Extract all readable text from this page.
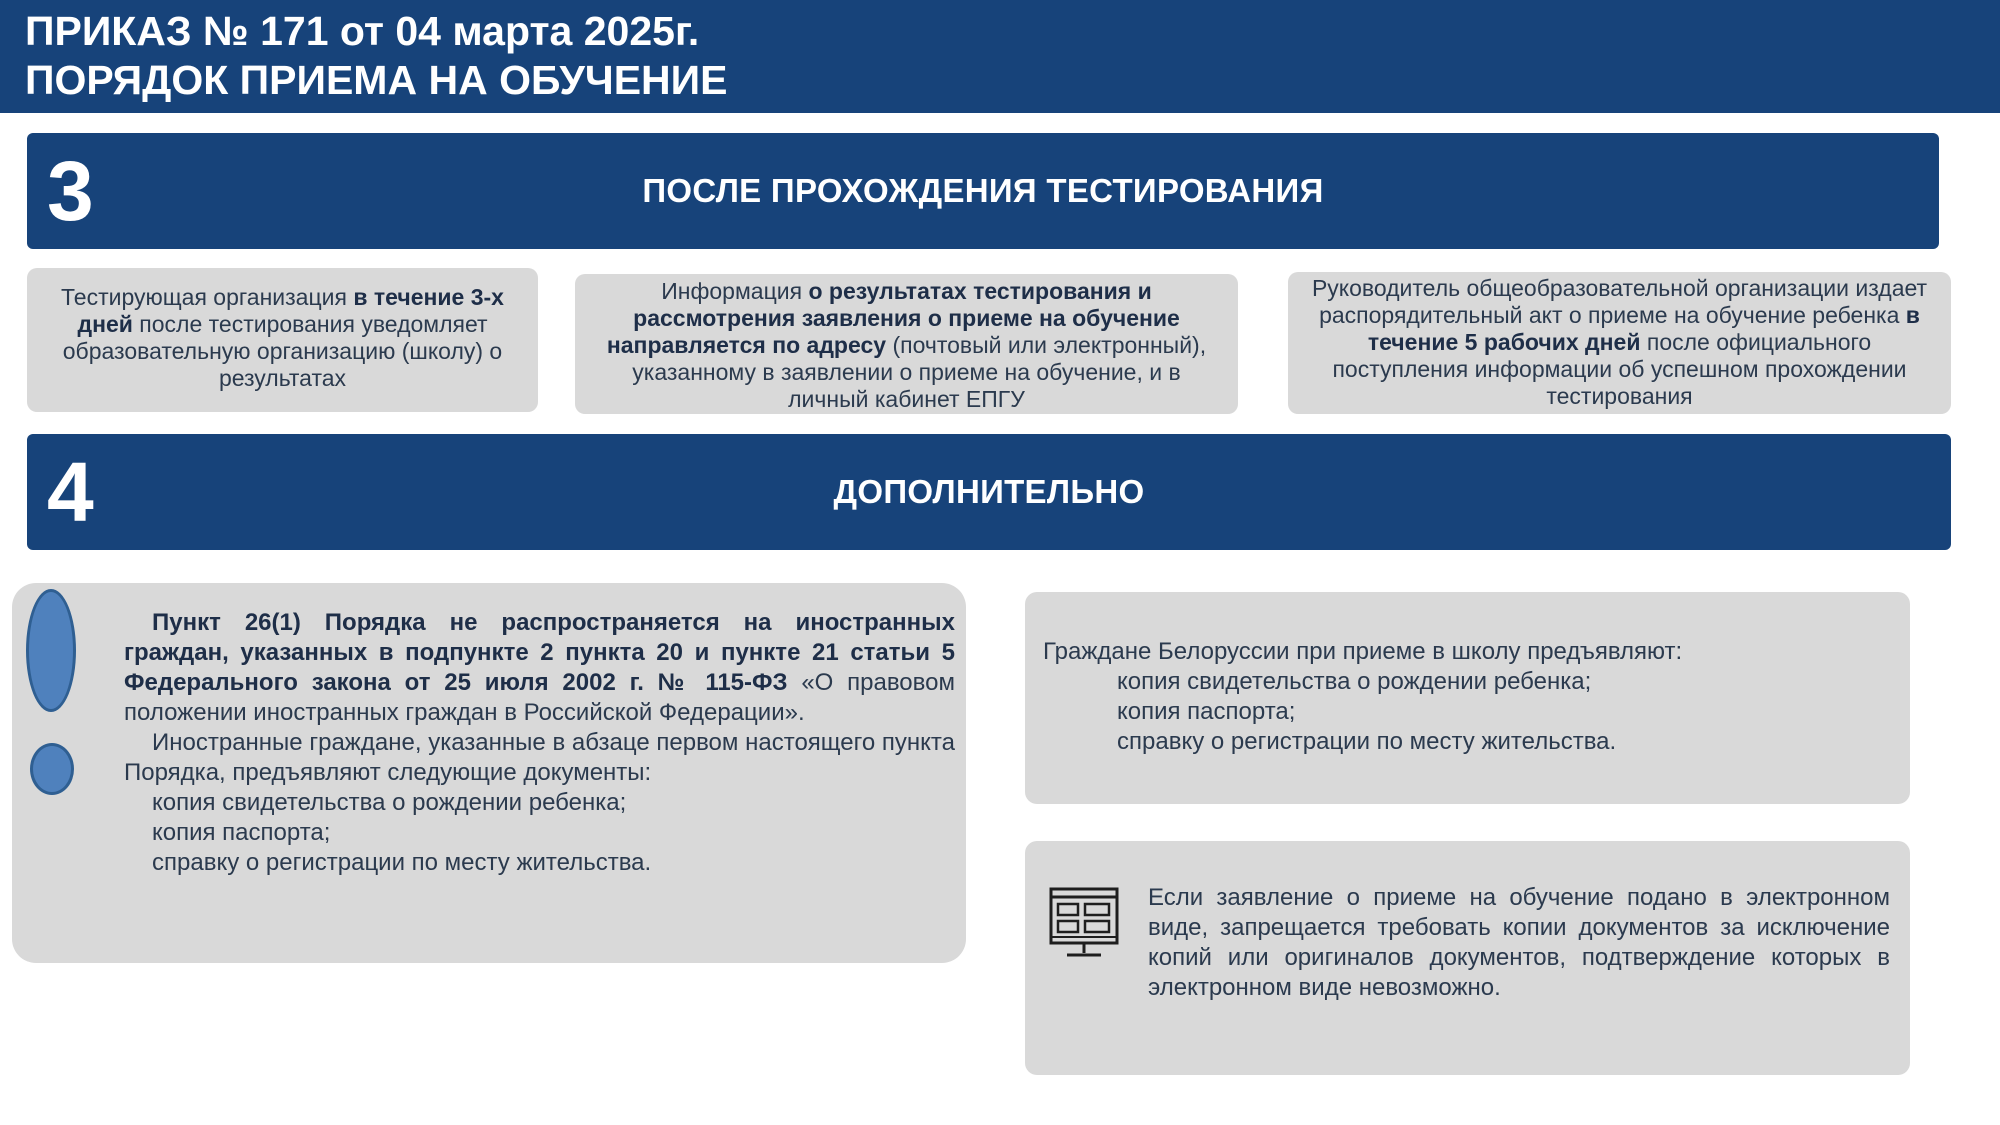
ПРИКАЗ № 171 от 04 марта 2025г.
ПОРЯДОК ПРИЕМА НА ОБУЧЕНИЕ
3	ПОСЛЕ ПРОХОЖДЕНИЯ ТЕСТИРОВАНИЯ
Тестирующая организация в течение 3-х дней после тестирования уведомляет образовательную организацию (школу) о результатах
Информация о результатах тестирования и рассмотрения заявления о приеме на обучение направляется по адресу (почтовый или электронный), указанному в заявлении о приеме на обучение, и в личный кабинет ЕПГУ
Руководитель общеобразовательной организации издает распорядительный акт о приеме на обучение ребенка в течение 5 рабочих дней после официального поступления информации об успешном прохождении тестирования
4	ДОПОЛНИТЕЛЬНО

Пункт 26(1) Порядка не распространяется на иностранных граждан, указанных в подпункте 2 пункта 20 и пункте 21 статьи 5 Федерального закона от 25 июля 2002 г. № 115-ФЗ «О правовом положении иностранных граждан в Российской Федерации».

Иностранные граждане, указанные в абзаце первом настоящего пункта Порядка, предъявляют следующие документы:

копия свидетельства о рождении ребенка;

копия паспорта;

справку о регистрации по месту жительства.

Граждане Белоруссии при приеме в школу предъявляют:
копия свидетельства о рождении ребенка;
копия паспорта;
справку о регистрации по месту жительства.
Если заявление о приеме на обучение подано в электронном виде, запрещается требовать копии документов за исключение копий или оригиналов документов, подтверждение которых в электронном виде невозможно.
